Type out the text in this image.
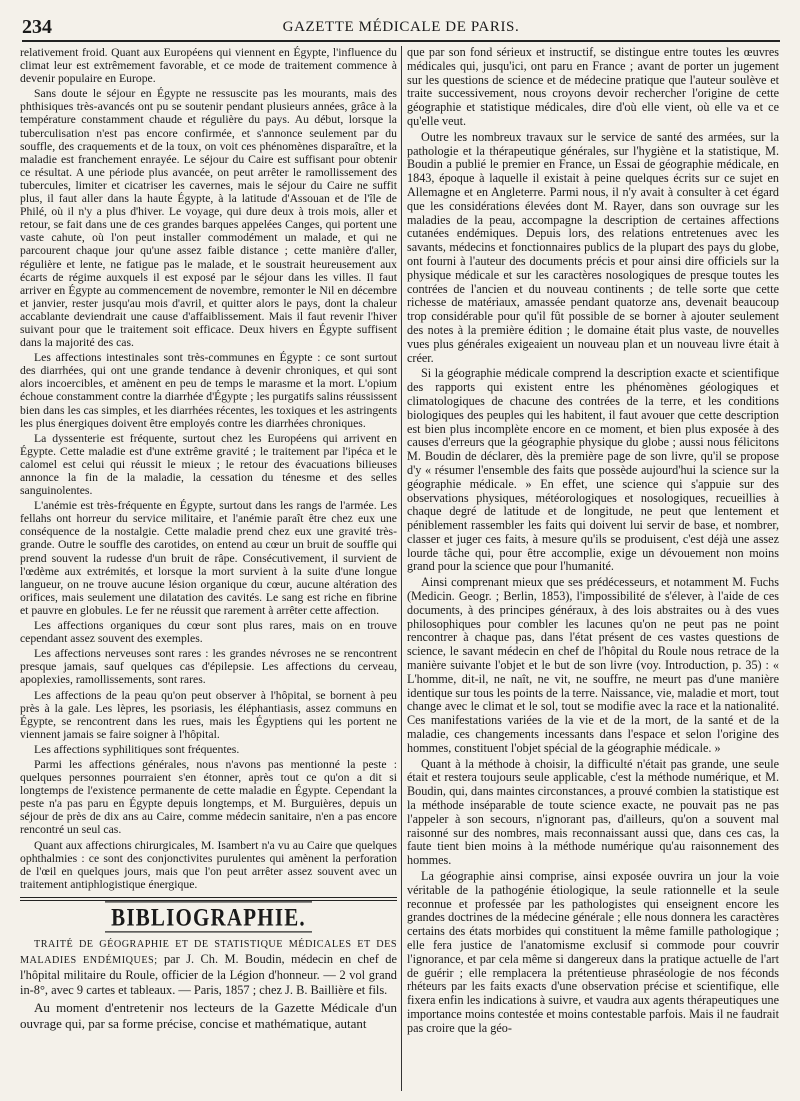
234	GAZETTE MÉDICALE DE PARIS.

relativement froid. Quant aux Européens qui viennent en Égypte, l'influence du climat leur est extrêmement favorable, et ce mode de traitement commence à devenir populaire en Europe.

Sans doute le séjour en Égypte ne ressuscite pas les mourants, mais des phthisiques très-avancés ont pu se soutenir pendant plusieurs années, grâce à la température constamment chaude et régulière du pays. Au début, lorsque la tuberculisation n'est pas encore confirmée, et s'annonce seulement par du souffle, des craquements et de la toux, on voit ces phénomènes disparaître, et la maladie est franchement enrayée. Le séjour du Caire est suffisant pour obtenir ce résultat. A une période plus avancée, on peut arrêter le ramollissement des tubercules, limiter et cicatriser les cavernes, mais le séjour du Caire ne suffit plus, il faut aller dans la haute Égypte, à la latitude d'Assouan et de l'île de Philé, où il n'y a plus d'hiver. Le voyage, qui dure deux à trois mois, aller et retour, se fait dans une de ces grandes barques appelées Canges, qui portent une vaste cahute, où l'on peut installer commodément un malade, et qui ne parcourent chaque jour qu'une assez faible distance ; cette manière d'aller, régulière et lente, ne fatigue pas le malade, et le soustrait heureusement aux écarts de régime auxquels il est exposé par le séjour dans les villes. Il faut arriver en Égypte au commencement de novembre, remonter le Nil en décembre et janvier, rester jusqu'au mois d'avril, et quitter alors le pays, dont la chaleur accablante deviendrait une cause d'affaiblissement. Mais il faut revenir l'hiver suivant pour que le traitement soit efficace. Deux hivers en Égypte suffisent dans la majorité des cas.

Les affections intestinales sont très-communes en Égypte : ce sont surtout des diarrhées, qui ont une grande tendance à devenir chroniques, et qui sont alors incoercibles, et amènent en peu de temps le marasme et la mort. L'opium échoue constamment contre la diarrhée d'Égypte ; les purgatifs salins réussissent bien dans les cas simples, et les diarrhées récentes, les toxiques et les astringents les plus énergiques doivent être employés contre les diarrhées chroniques.

La dyssenterie est fréquente, surtout chez les Européens qui arrivent en Égypte. Cette maladie est d'une extrême gravité ; le traitement par l'ipéca et le calomel est celui qui réussit le mieux ; le retour des évacuations bilieuses annonce la fin de la maladie, la cessation du ténesme et des selles sanguinolentes.

L'anémie est très-fréquente en Égypte, surtout dans les rangs de l'armée. Les fellahs ont horreur du service militaire, et l'anémie paraît être chez eux une conséquence de la nostalgie. Cette maladie prend chez eux une gravité très-grande. Outre le souffle des carotides, on entend au cœur un bruit de souffle qui prend souvent la rudesse d'un bruit de râpe. Consécutivement, il survient de l'œdème aux extrémités, et lorsque la mort survient à la suite d'une longue langueur, on ne trouve aucune lésion organique du cœur, aucune altération des orifices, mais seulement une dilatation des cavités. Le sang est riche en fibrine et pauvre en globules. Le fer ne réussit que rarement à arrêter cette affection.

Les affections organiques du cœur sont plus rares, mais on en trouve cependant assez souvent des exemples.

Les affections nerveuses sont rares : les grandes névroses ne se rencontrent presque jamais, sauf quelques cas d'épilepsie. Les affections du cerveau, apoplexies, ramollissements, sont rares.

Les affections de la peau qu'on peut observer à l'hôpital, se bornent à peu près à la gale. Les lèpres, les psoriasis, les éléphantiasis, assez communs en Égypte, se rencontrent dans les rues, mais les Égyptiens qui les portent ne viennent jamais se faire soigner à l'hôpital.

Les affections syphilitiques sont fréquentes.

Parmi les affections générales, nous n'avons pas mentionné la peste : quelques personnes pourraient s'en étonner, après tout ce qu'on a dit si longtemps de l'existence permanente de cette maladie en Égypte. Cependant la peste n'a pas paru en Égypte depuis longtemps, et M. Burguières, depuis un séjour de près de dix ans au Caire, comme médecin sanitaire, n'en a pas encore rencontré un seul cas.

Quant aux affections chirurgicales, M. Isambert n'a vu au Caire que quelques ophthalmies : ce sont des conjonctivites purulentes qui amènent la perforation de l'œil en quelques jours, mais que l'on peut arrêter assez souvent avec un traitement antiphlogistique énergique.

BIBLIOGRAPHIE.

TRAITÉ DE GÉOGRAPHIE ET DE STATISTIQUE MÉDICALES ET DES MALADIES ENDÉMIQUES; par J. Ch. M. Boudin, médecin en chef de l'hôpital militaire du Roule, officier de la Légion d'honneur. — 2 vol grand in-8°, avec 9 cartes et tableaux. — Paris, 1857 ; chez J. B. Baillière et fils.

Au moment d'entretenir nos lecteurs de la Gazette Médicale d'un ouvrage qui, par sa forme précise, concise et mathématique, autant

que par son fond sérieux et instructif, se distingue entre toutes les œuvres médicales qui, jusqu'ici, ont paru en France ; avant de porter un jugement sur les questions de science et de médecine pratique que l'auteur soulève et traite successivement, nous croyons devoir rechercher l'origine de cette géographie et statistique médicales, dire d'où elle vient, où elle va et ce qu'elle veut.

Outre les nombreux travaux sur le service de santé des armées, sur la pathologie et la thérapeutique générales, sur l'hygiène et la statistique, M. Boudin a publié le premier en France, un Essai de géographie médicale, en 1843, époque à laquelle il existait à peine quelques écrits sur ce sujet en Allemagne et en Angleterre. Parmi nous, il n'y avait à consulter à cet égard que les considérations élevées dont M. Rayer, dans son ouvrage sur les maladies de la peau, accompagne la description de certaines affections cutanées endémiques. Depuis lors, des relations entretenues avec les savants, médecins et fonctionnaires publics de la plupart des pays du globe, ont fourni à l'auteur des documents précis et pour ainsi dire officiels sur la physique médicale et sur les caractères nosologiques de presque toutes les contrées de l'ancien et du nouveau continents ; de telle sorte que cette richesse de matériaux, amassée pendant quatorze ans, devenait beaucoup trop considérable pour qu'il fût possible de se borner à ajouter seulement des notes à la première édition ; le domaine était plus vaste, de nouvelles vues plus générales exigeaient un nouveau plan et un nouveau livre était à créer.

Si la géographie médicale comprend la description exacte et scientifique des rapports qui existent entre les phénomènes géologiques et climatologiques de chacune des contrées de la terre, et les conditions biologiques des peuples qui les habitent, il faut avouer que cette description est bien plus incomplète encore en ce moment, et bien plus exposée à des causes d'erreurs que la géographie physique du globe ; aussi nous félicitons M. Boudin de déclarer, dès la première page de son livre, qu'il se propose d'y « résumer l'ensemble des faits que possède aujourd'hui la science sur la géographie médicale. » En effet, une science qui s'appuie sur des observations physiques, météorologiques et nosologiques, recueillies à chaque degré de latitude et de longitude, ne peut que lentement et péniblement rassembler les faits qui doivent lui servir de base, et nombrer, classer et juger ces faits, à mesure qu'ils se produisent, c'est déjà une assez lourde tâche qui, pour être accomplie, exige un dévouement non moins grand pour la science que pour l'humanité.

Ainsi comprenant mieux que ses prédécesseurs, et notamment M. Fuchs (Medicin. Geogr. ; Berlin, 1853), l'impossibilité de s'élever, à l'aide de ces documents, à des principes généraux, à des lois abstraites ou à des vues philosophiques pour combler les lacunes qu'on ne peut pas ne point rencontrer à chaque pas, dans l'état présent de ces vastes questions de science, le savant médecin en chef de l'hôpital du Roule nous retrace de la manière suivante l'objet et le but de son livre (voy. Introduction, p. 35) : « L'homme, dit-il, ne naît, ne vit, ne souffre, ne meurt pas d'une manière identique sur tous les points de la terre. Naissance, vie, maladie et mort, tout change avec le climat et le sol, tout se modifie avec la race et la nationalité. Ces manifestations variées de la vie et de la mort, de la santé et de la maladie, ces changements incessants dans l'espace et selon l'origine des hommes, constituent l'objet spécial de la géographie médicale. »

Quant à la méthode à choisir, la difficulté n'était pas grande, une seule était et restera toujours seule applicable, c'est la méthode numérique, et M. Boudin, qui, dans maintes circonstances, a prouvé combien la statistique est la méthode inséparable de toute science exacte, ne pouvait pas ne pas l'appeler à son secours, n'ignorant pas, d'ailleurs, qu'on a souvent mal raisonné sur des nombres, mais reconnaissant aussi que, dans ces cas, la faute tient bien moins à la méthode numérique qu'au raisonnement des hommes.

La géographie ainsi comprise, ainsi exposée ouvrira un jour la voie véritable de la pathogénie étiologique, la seule rationnelle et la seule reconnue et professée par les pathologistes qui enseignent encore les grandes doctrines de la médecine générale ; elle nous donnera les caractères certains des états morbides qui constituent la même famille pathologique ; elle fera justice de l'anatomisme exclusif si commode pour couvrir l'ignorance, et par cela même si dangereux dans la pratique actuelle de l'art de guérir ; elle remplacera la prétentieuse phraséologie de nos féconds rhéteurs par les faits exacts d'une observation précise et scientifique, elle fixera enfin les indications à suivre, et vaudra aux agents thérapeutiques une importance moins contestée et moins contestable parfois. Mais il ne faudrait pas croire que la géo-
